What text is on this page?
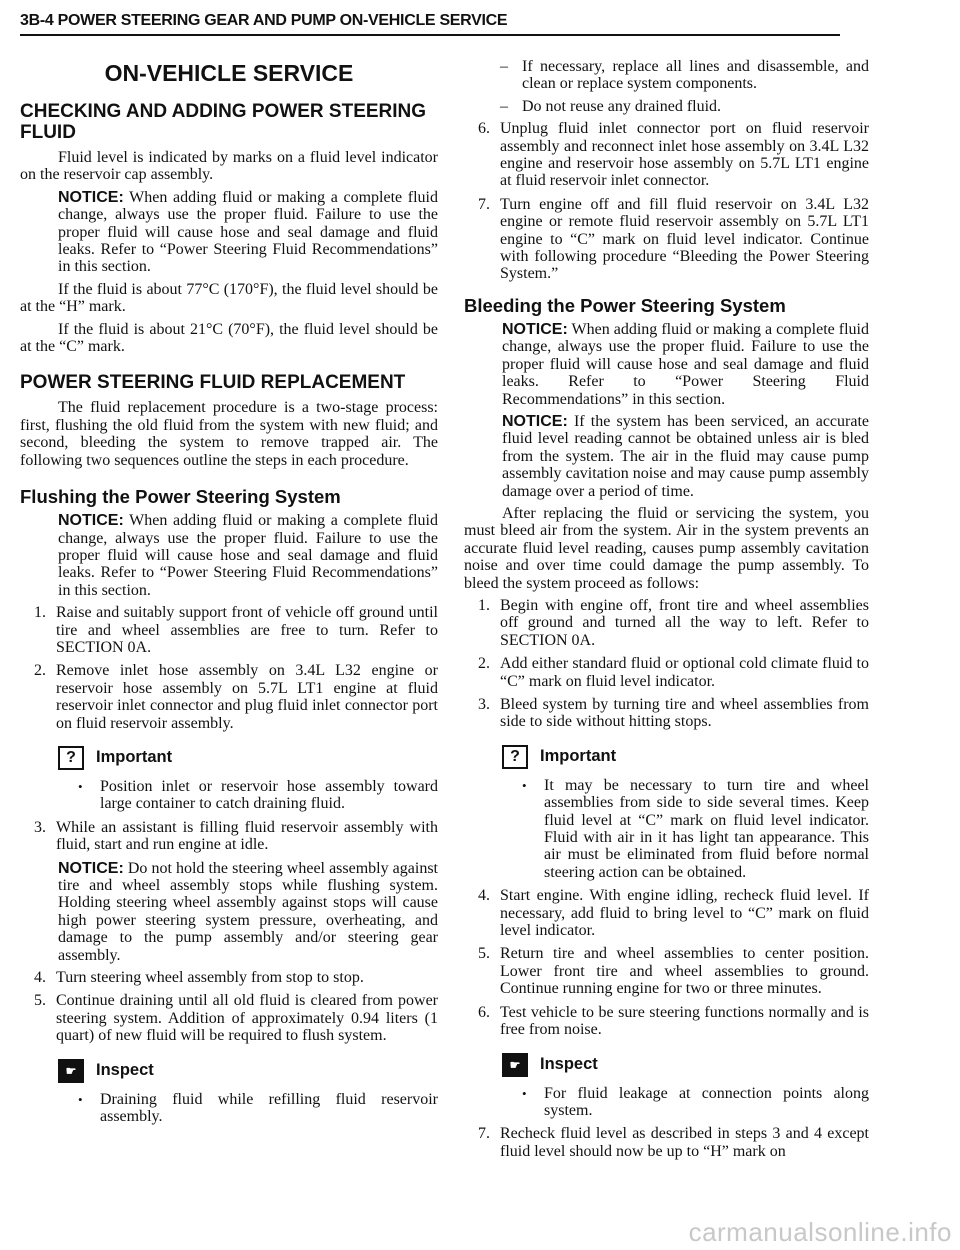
3B-4 POWER STEERING GEAR AND PUMP ON-VEHICLE SERVICE
ON-VEHICLE SERVICE
CHECKING AND ADDING POWER STEERING FLUID

Fluid level is indicated by marks on a fluid level indicator on the reservoir cap assembly.

NOTICE: When adding fluid or making a complete fluid change, always use the proper fluid. Failure to use the proper fluid will cause hose and seal damage and fluid leaks. Refer to “Power Steering Fluid Recommendations” in this section.

If the fluid is about 77°C (170°F), the fluid level should be at the “H” mark.

If the fluid is about 21°C (70°F), the fluid level should be at the “C” mark.

POWER STEERING FLUID REPLACEMENT

The fluid replacement procedure is a two-stage process: first, flushing the old fluid from the system with new fluid; and second, bleeding the system to remove trapped air. The following two sequences outline the steps in each procedure.

Flushing the Power Steering System

NOTICE: When adding fluid or making a complete fluid change, always use the proper fluid. Failure to use the proper fluid will cause hose and seal damage and fluid leaks. Refer to “Power Steering Fluid Recommendations” in this section.

1. Raise and suitably support front of vehicle off ground until tire and wheel assemblies are free to turn. Refer to SECTION 0A.
2. Remove inlet hose assembly on 3.4L L32 engine or reservoir hose assembly on 5.7L LT1 engine at fluid reservoir inlet connector and plug fluid inlet connector port on fluid reservoir assembly.
?	Important
•	Position inlet or reservoir hose assembly toward large container to catch draining fluid.
3. While an assistant is filling fluid reservoir assembly with fluid, start and run engine at idle.

NOTICE: Do not hold the steering wheel assembly against tire and wheel assembly stops while flushing system. Holding steering wheel assembly against stops will cause high power steering system pressure, overheating, and damage to the pump assembly and/or steering gear assembly.

4. Turn steering wheel assembly from stop to stop.
5. Continue draining until all old fluid is cleared from power steering system. Addition of approximately 0.94 liters (1 quart) of new fluid will be required to flush system.
☛	Inspect
•	Draining fluid while refilling fluid reservoir assembly.
– If necessary, replace all lines and disassemble, and clean or replace system components.
– Do not reuse any drained fluid.
6. Unplug fluid inlet connector port on fluid reservoir assembly and reconnect inlet hose assembly on 3.4L L32 engine and reservoir hose assembly on 5.7L LT1 engine at fluid reservoir inlet connector.
7. Turn engine off and fill fluid reservoir on 3.4L L32 engine or remote fluid reservoir assembly on 5.7L LT1 engine to “C” mark on fluid level indicator. Continue with following procedure “Bleeding the Power Steering System.”
Bleeding the Power Steering System

NOTICE: When adding fluid or making a complete fluid change, always use the proper fluid. Failure to use the proper fluid will cause hose and seal damage and fluid leaks. Refer to “Power Steering Fluid Recommendations” in this section.

NOTICE: If the system has been serviced, an accurate fluid level reading cannot be obtained unless air is bled from the system. The air in the fluid may cause pump assembly cavitation noise and may cause pump assembly damage over a period of time.

After replacing the fluid or servicing the system, you must bleed air from the system. Air in the system prevents an accurate fluid level reading, causes pump assembly cavitation noise and over time could damage the pump assembly. To bleed the system proceed as follows:

1. Begin with engine off, front tire and wheel assemblies off ground and turned all the way to left. Refer to SECTION 0A.
2. Add either standard fluid or optional cold climate fluid to “C” mark on fluid level indicator.
3. Bleed system by turning tire and wheel assemblies from side to side without hitting stops.
?	Important
•	It may be necessary to turn tire and wheel assemblies from side to side several times. Keep fluid level at “C” mark on fluid level indicator. Fluid with air in it has light tan appearance. This air must be eliminated from fluid before normal steering action can be obtained.
4. Start engine. With engine idling, recheck fluid level. If necessary, add fluid to bring level to “C” mark on fluid level indicator.
5. Return tire and wheel assemblies to center position. Lower front tire and wheel assemblies to ground. Continue running engine for two or three minutes.
6. Test vehicle to be sure steering functions normally and is free from noise.
☛	Inspect
•	For fluid leakage at connection points along system.
7. Recheck fluid level as described in steps 3 and 4 except fluid level should now be up to “H” mark on
carmanualsonline.info
